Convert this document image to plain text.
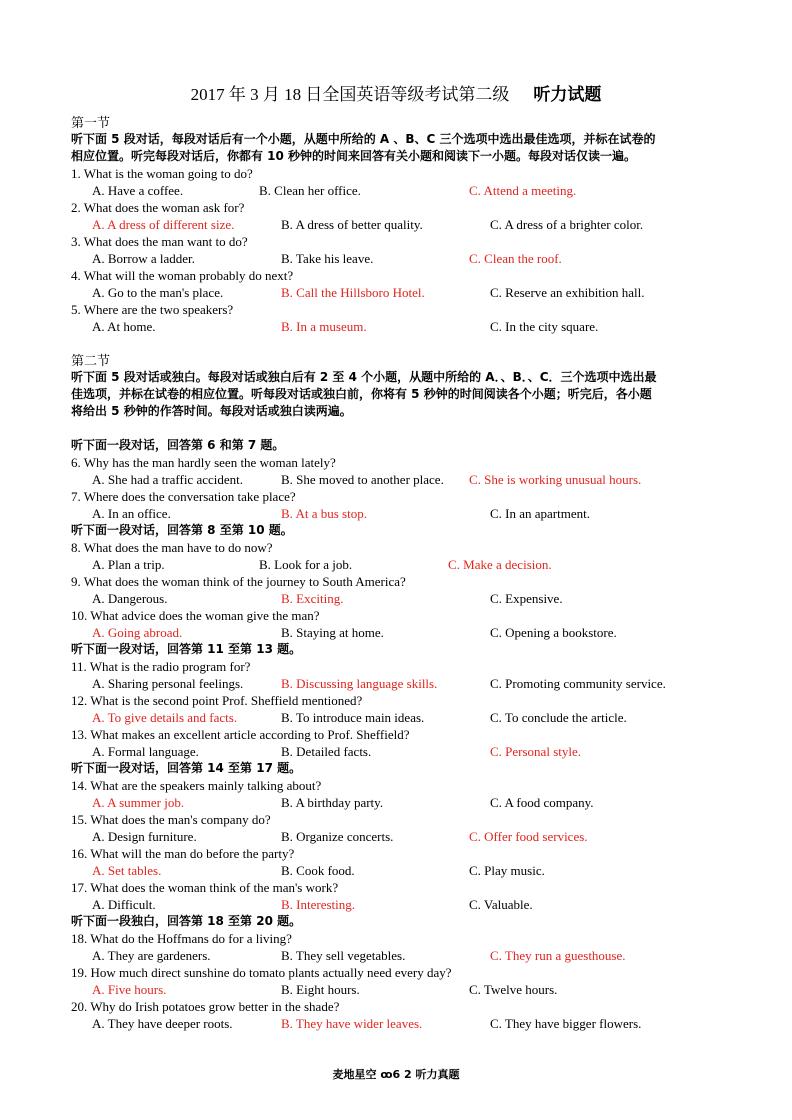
2017 年 3 月 18 日全国英语等级考试第二级 听力试题
第一节
听下面 5 段对话，每段对话后有一个小题，从题中所给的 A 、B、C 三个选项中选出最佳选项，并标在试卷的
相应位置。听完每段对话后，你都有 10 秒钟的时间来回答有关小题和阅读下一小题。每段对话仅读一遍。
1. What is the woman going to do?
A. Have a coffee.	B. Clean her office.	C. Attend a meeting.
2. What does the woman ask for?
A. A dress of different size.	B. A dress of better quality.	C. A dress of a brighter color.
3. What does the man want to do?
A. Borrow a ladder.	B. Take his leave.	C. Clean the roof.
4. What will the woman probably do next?
A. Go to the man's place.	B. Call the Hillsboro Hotel.	C. Reserve an exhibition hall.
5. Where are the two speakers?
A. At home.	B. In a museum.	C. In the city square.
第二节
听下面 5 段对话或独白。每段对话或独白后有 2 至 4 个小题，从题中所给的 A．、B．、C．三个选项中选出最
佳选项，并标在试卷的相应位置。听每段对话或独白前，你将有 5 秒钟的时间阅读各个小题；听完后，各小题
将给出 5 秒钟的作答时间。每段对话或独白读两遍。
听下面一段对话，回答第 6 和第 7 题。
6. Why has the man hardly seen the woman lately?
A. She had a traffic accident.	B. She moved to another place. C. She is working unusual hours.
7. Where does the conversation take place?
A. In an office.	B. At a bus stop.	C. In an apartment.
听下面一段对话，回答第 8 至第 10 题。
8. What does the man have to do now?
A. Plan a trip.	B. Look for a job.	C. Make a decision.
9. What does the woman think of the journey to South America?
A. Dangerous.	B. Exciting.	C. Expensive.
10. What advice does the woman give the man?
A. Going abroad.	B. Staying at home.	C. Opening a bookstore.
听下面一段对话，回答第 11 至第 13 题。
11. What is the radio program for?
A. Sharing personal feelings.	B. Discussing language skills.	C. Promoting community service.
12. What is the second point Prof. Sheffield mentioned?
A. To give details and facts.	B. To introduce main ideas.	C. To conclude the article.
13. What makes an excellent article according to Prof. Sheffield?
A. Formal language.	B. Detailed facts.	C. Personal style.
听下面一段对话，回答第 14 至第 17 题。
14. What are the speakers mainly talking about?
A. A summer job.	B. A birthday party.	C. A food company.
15. What does the man's company do?
A. Design furniture.	B. Organize concerts.	C. Offer food services.
16. What will the man do before the party?
A. Set tables.	B. Cook food.	C. Play music.
17. What does the woman think of the man's work?
A. Difficult.	B. Interesting.	C. Valuable.
听下面一段独白，回答第 18 至第 20 题。
18. What do the Hoffmans do for a living?
A. They are gardeners.	B. They sell vegetables.	C. They run a guesthouse.
19. How much direct sunshine do tomato plants actually need every day?
A. Five hours.	B. Eight hours.	C. Twelve hours.
20. Why do Irish potatoes grow better in the shade?
A. They have deeper roots.	B. They have wider leaves.	C. They have bigger flowers.
麦地星空 ꝏ6 2 听力真题
